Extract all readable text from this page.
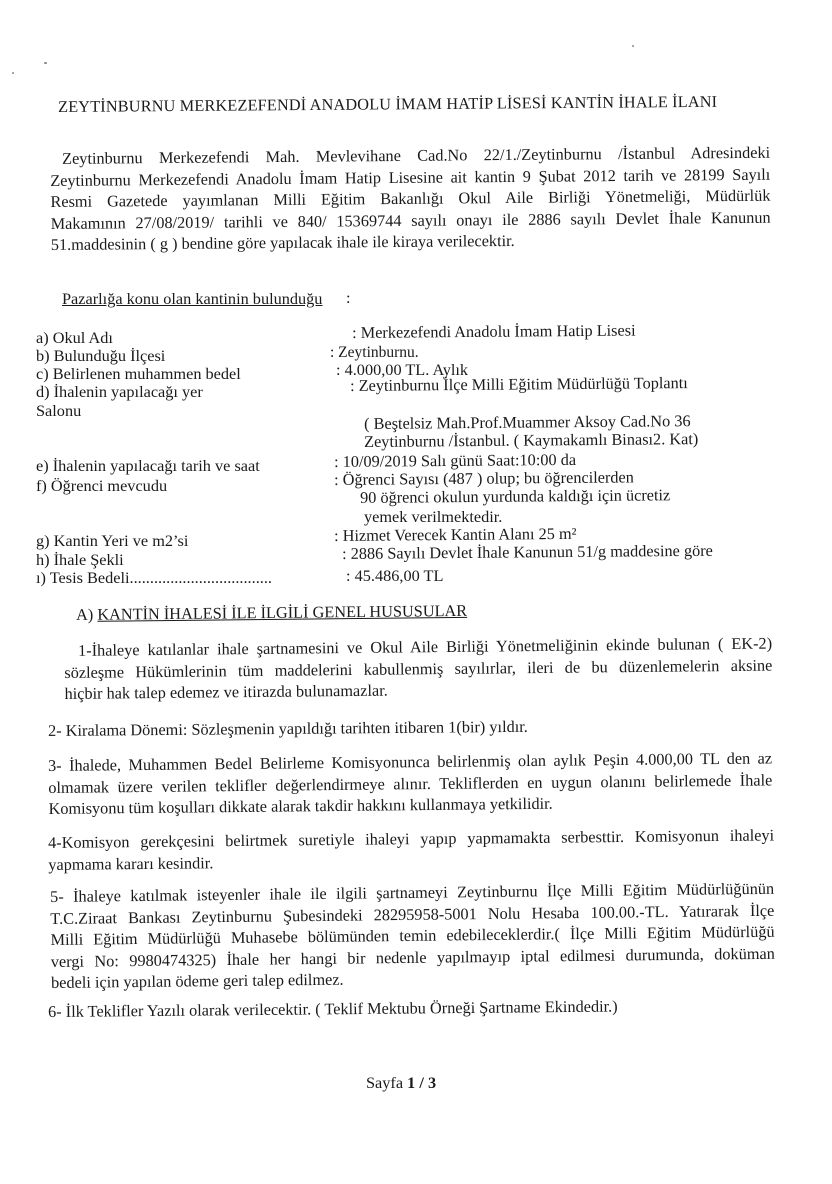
ZEYTİNBURNU MERKEZEFENDİ ANADOLU İMAM HATİP LİSESİ KANTİN İHALE İLANI
Zeytinburnu Merkezefendi Mah. Mevlevihane Cad.No 22/1./Zeytinburnu /İstanbul Adresindeki
Zeytinburnu Merkezefendi Anadolu İmam Hatip Lisesine ait kantin 9 Şubat 2012 tarih ve 28199 Sayılı
Resmi Gazetede yayımlanan Milli Eğitim Bakanlığı Okul Aile Birliği Yönetmeliği, Müdürlük
Makamının 27/08/2019/ tarihli ve 840/ 15369744 sayılı onayı ile 2886 sayılı Devlet İhale Kanunun
51.maddesinin ( g ) bendine göre yapılacak ihale ile kiraya verilecektir.
Pazarlığa konu olan kantinin bulunduğu :
a) Okul Adı	: Merkezefendi Anadolu İmam Hatip Lisesi
b) Bulunduğu İlçesi	: Zeytinburnu.
c) Belirlenen muhammen bedel	: 4.000,00 TL. Aylık
d) İhalenin yapılacağı yer	: Zeytinburnu İlçe Milli Eğitim Müdürlüğü Toplantı
Salonu
( Beştelsiz Mah.Prof.Muammer Aksoy Cad.No 36
Zeytinburnu /İstanbul. ( Kaymakamlı Binası2. Kat)
e) İhalenin yapılacağı tarih ve saat	: 10/09/2019 Salı günü Saat:10:00 da
f) Öğrenci mevcudu	: Öğrenci Sayısı (487 ) olup; bu öğrencilerden
90 öğrenci okulun yurdunda kaldığı için ücretiz
yemek verilmektedir.
g) Kantin Yeri ve m2’si	: Hizmet Verecek Kantin Alanı 25 m²
h) İhale Şekli	: 2886 Sayılı Devlet İhale Kanunun 51/g maddesine göre
ı) Tesis Bedeli...................................	: 45.486,00 TL
A) KANTİN İHALESİ İLE İLGİLİ GENEL HUSUSULAR
1-İhaleye katılanlar ihale şartnamesini ve Okul Aile Birliği Yönetmeliğinin ekinde bulunan ( EK-2)
sözleşme Hükümlerinin tüm maddelerini kabullenmiş sayılırlar, ileri de bu düzenlemelerin aksine
hiçbir hak talep edemez ve itirazda bulunamazlar.
2- Kiralama Dönemi: Sözleşmenin yapıldığı tarihten itibaren 1(bir) yıldır.
3- İhalede, Muhammen Bedel Belirleme Komisyonunca belirlenmiş olan aylık Peşin 4.000,00 TL den az
olmamak üzere verilen teklifler değerlendirmeye alınır. Tekliflerden en uygun olanını belirlemede İhale
Komisyonu tüm koşulları dikkate alarak takdir hakkını kullanmaya yetkilidir.
4-Komisyon gerekçesini belirtmek suretiyle ihaleyi yapıp yapmamakta serbesttir. Komisyonun ihaleyi
yapmama kararı kesindir.
5- İhaleye katılmak isteyenler ihale ile ilgili şartnameyi Zeytinburnu İlçe Milli Eğitim Müdürlüğünün
T.C.Ziraat Bankası Zeytinburnu Şubesindeki 28295958-5001 Nolu Hesaba 100.00.-TL. Yatırarak İlçe
Milli Eğitim Müdürlüğü Muhasebe bölümünden temin edebileceklerdir.( İlçe Milli Eğitim Müdürlüğü
vergi No: 9980474325) İhale her hangi bir nedenle yapılmayıp iptal edilmesi durumunda, doküman
bedeli için yapılan ödeme geri talep edilmez.
6- İlk Teklifler Yazılı olarak verilecektir. ( Teklif Mektubu Örneği Şartname Ekindedir.)
Sayfa 1 / 3
